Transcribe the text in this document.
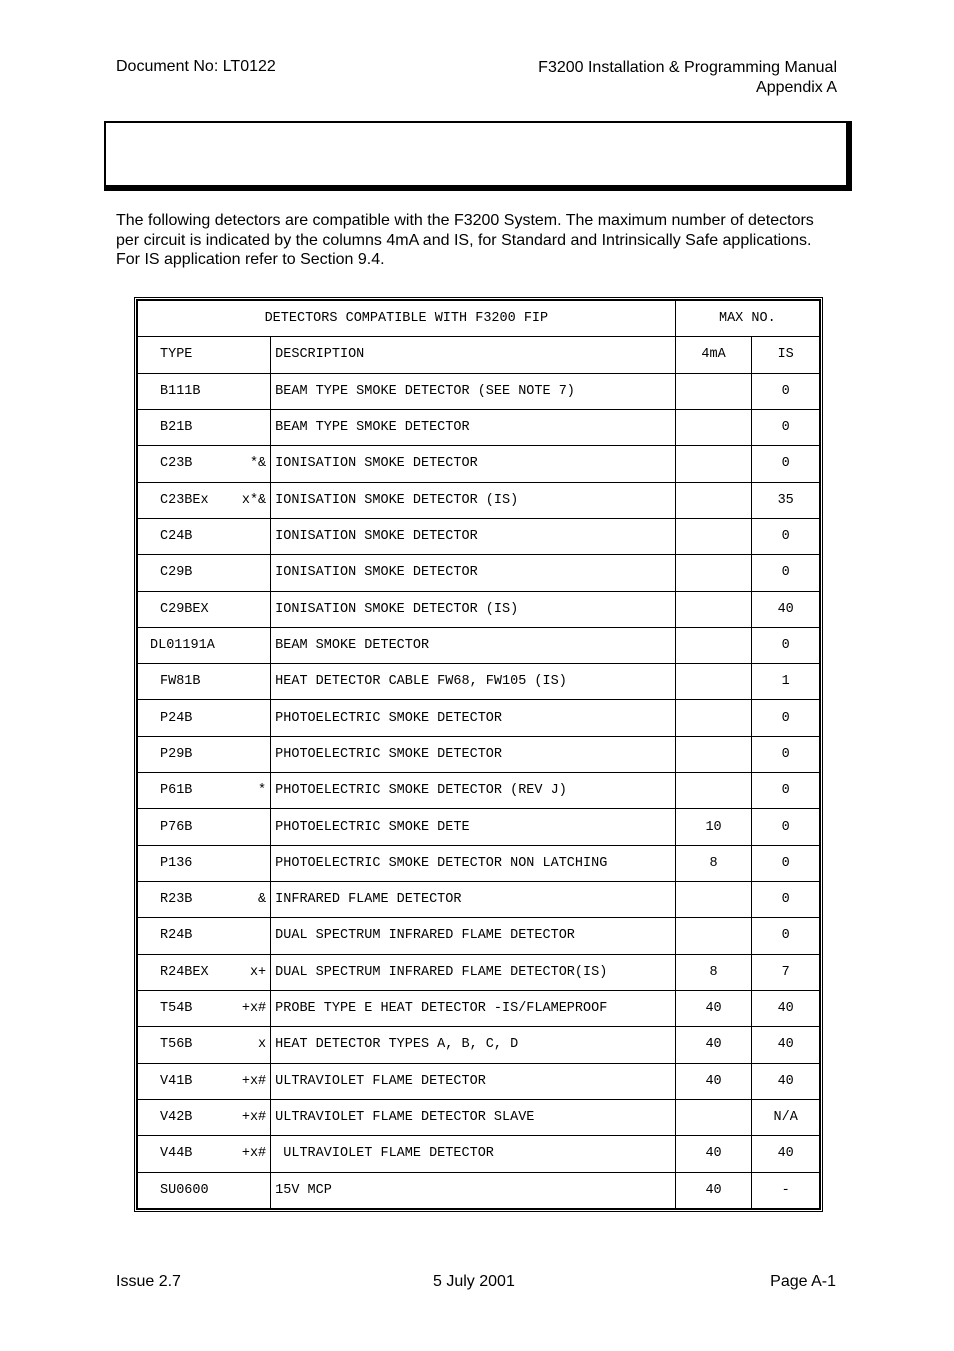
Document No: LT0122	F3200 Installation & Programming Manual
Appendix A
The following detectors are compatible with the F3200 System. The maximum number of detectors per circuit is indicated by the columns 4mA and IS, for Standard and Intrinsically Safe applications. For IS application refer to Section 9.4.
DETECTORS COMPATIBLE WITH F3200 FIP		MAX NO.	

TYPE	DESCRIPTION	4mA	IS

B111B	BEAM TYPE SMOKE DETECTOR (SEE NOTE 7)		0

B21B	BEAM TYPE SMOKE DETECTOR		0

C23B *&	IONISATION SMOKE DETECTOR		0

C23BEx x*&	IONISATION SMOKE DETECTOR (IS)		35

C24B	IONISATION SMOKE DETECTOR		0

C29B	IONISATION SMOKE DETECTOR		0

C29BEX	IONISATION SMOKE DETECTOR (IS)		40

DL01191A	BEAM SMOKE DETECTOR		0

FW81B	HEAT DETECTOR CABLE FW68, FW105 (IS)		1

P24B	PHOTOELECTRIC SMOKE DETECTOR		0

P29B	PHOTOELECTRIC SMOKE DETECTOR		0

P61B *	PHOTOELECTRIC SMOKE DETECTOR (REV J)		0

P76B	PHOTOELECTRIC SMOKE DETE	10	0

P136	PHOTOELECTRIC SMOKE DETECTOR NON LATCHING	8	0

R23B &	INFRARED FLAME DETECTOR		0

R24B	DUAL SPECTRUM INFRARED FLAME DETECTOR		0

R24BEX x+	DUAL SPECTRUM INFRARED FLAME DETECTOR(IS)	8	7

T54B +x#	PROBE TYPE E HEAT DETECTOR -IS/FLAMEPROOF	40	40

T56B x	HEAT DETECTOR TYPES A, B, C, D	40	40

V41B +x#	ULTRAVIOLET FLAME DETECTOR	40	40

V42B +x#	ULTRAVIOLET FLAME DETECTOR SLAVE		N/A

V44B +x#	ULTRAVIOLET FLAME DETECTOR	40	40

SU0600	15V MCP	40	-
Issue 2.7	5 July 2001	Page A-1
